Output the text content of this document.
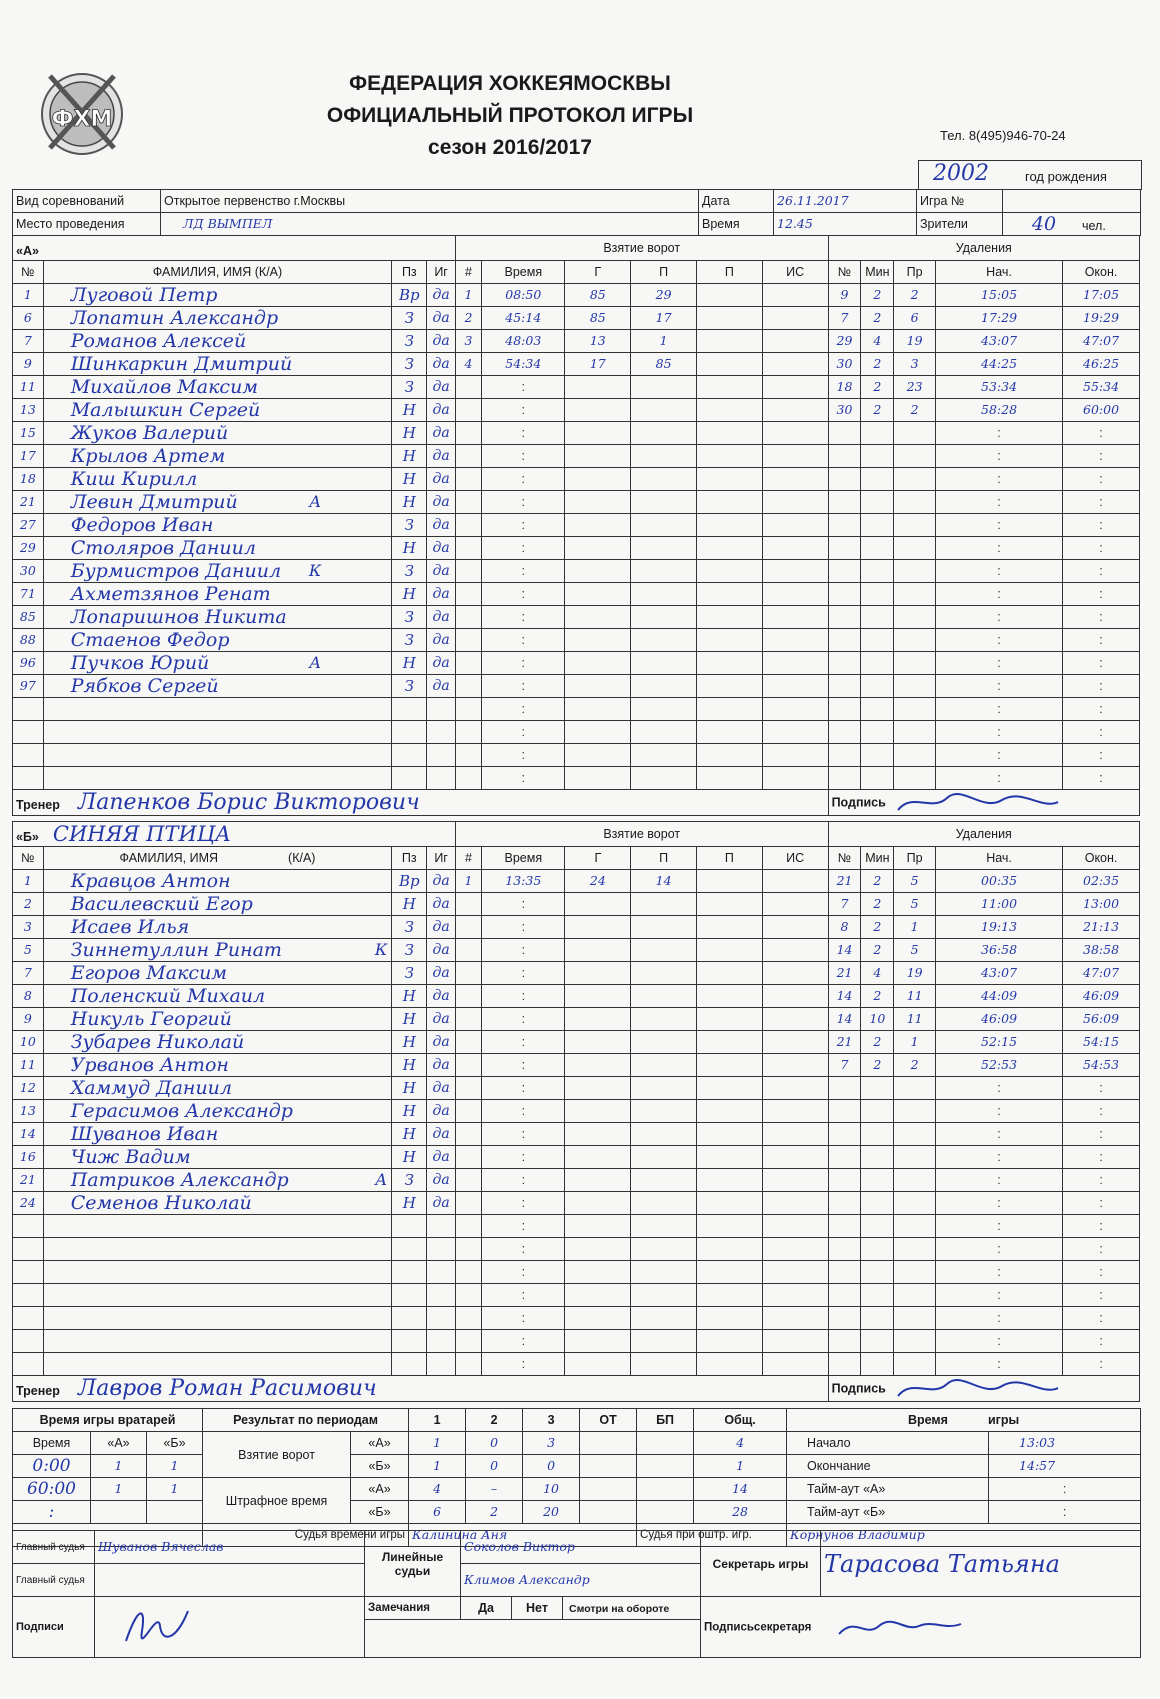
ФХМ
ФЕДЕРАЦИЯ ХОККЕЯМОСКВЫ
ОФИЦИАЛЬНЫЙ ПРОТОКОЛ ИГРЫ
сезон 2016/2017
Тел. 8(495)946-70-24
2002	год рождения
Вид соревнований	Открытое первенство г.Москвы	Дата	26.11.2017	Игра №	
Место проведения	ЛД ВЫМПЕЛ	Время	12.45	Зрители	40 чел.
«А»				Взятие ворот						Удаления				
№	ФАМИЛИЯ, ИМЯ (К/А)	Пз	Иг	#	Время	Г	П	П	ИС	№	Мин	Пр	Нач.	Окон.
1	Луговой Петр	Вр	да	1	08:50	85	29			9	2	2	15:05	17:05
6	Лопатин Александр	З	да	2	45:14	85	17			7	2	6	17:29	19:29
7	Романов Алексей	З	да	3	48:03	13	1			29	4	19	43:07	47:07
9	Шинкаркин Дмитрий	З	да	4	54:34	17	85			30	2	3	44:25	46:25
11	Михайлов Максим	З	да		:					18	2	23	53:34	55:34
13	Малышкин Сергей	Н	да		:					30	2	2	58:28	60:00
15	Жуков Валерий	Н	да		:								:	:
17	Крылов Артем	Н	да		:								:	:
18	Киш Кирилл	Н	да		:								:	:
21	Левин Дмитрий А	Н	да		:								:	:
27	Федоров Иван	З	да		:								:	:
29	Столяров Даниил	Н	да		:								:	:
30	Бурмистров Даниил К	З	да		:								:	:
71	Ахметзянов Ренат	Н	да		:								:	:
85	Лопаришнов Никита	З	да		:								:	:
88	Стаенов Федор	З	да		:								:	:
96	Пучков Юрий А	Н	да		:								:	:
97	Рябков Сергей	З	да		:								:	:
					:								:	:
					:								:	:
					:								:	:
					:								:	:
Тренер Лапенков Борис Викторович										Подпись				
«Б» СИНЯЯ ПТИЦА				Взятие ворот						Удаления				
№	ФАМИЛИЯ, ИМЯ (К/А)	Пз	Иг	#	Время	Г	П	П	ИС	№	Мин	Пр	Нач.	Окон.
1	Кравцов Антон	Вр	да	1	13:35	24	14			21	2	5	00:35	02:35
2	Василевский Егор	Н	да		:					7	2	5	11:00	13:00
3	Исаев Илья	З	да		:					8	2	1	19:13	21:13
5	Зиннетуллин Ринат К	З	да		:					14	2	5	36:58	38:58
7	Егоров Максим	З	да		:					21	4	19	43:07	47:07
8	Поленский Михаил	Н	да		:					14	2	11	44:09	46:09
9	Никуль Георгий	Н	да		:					14	10	11	46:09	56:09
10	Зубарев Николай	Н	да		:					21	2	1	52:15	54:15
11	Урванов Антон	Н	да		:					7	2	2	52:53	54:53
12	Хаммуд Даниил	Н	да		:								:	:
13	Герасимов Александр	Н	да		:								:	:
14	Шуванов Иван	Н	да		:								:	:
16	Чиж Вадим	Н	да		:								:	:
21	Патриков Александр А	З	да		:								:	:
24	Семенов Николай	Н	да		:								:	:
					:								:	:
					:								:	:
					:								:	:
					:								:	:
					:								:	:
					:								:	:
					:								:	:
Тренер Лавров Роман Расимович										Подпись				
Время игры вратарей			Результат по периодам		1	2	3	ОТ	БП	Общ.	Время игры	
Время	«А»	«Б»	Взятие ворот	«А»	1	0	3			4	Начало	13:03
0:00	1	1		«Б»	1	0	0			1	Окончание	14:57
60:00	1	1	Штрафное время	«А»	4	–	10			14	Тайм-аут «А»	:
:				«Б»	6	2	20			28	Тайм-аут «Б»	:
			Судья времени игры		Калинина Аня				Судья при оштр. игр.		Корнунов Владимир	
Главный судья	Шуванов Вячеслав	Линейные судьи	Соколов Виктор	Секретарь игры	Тарасова Татьяна
Главный судья			Климов Александр		
Подписи		Замечания	Да Нет Смотри на обороте	Подписьсекретаря	
